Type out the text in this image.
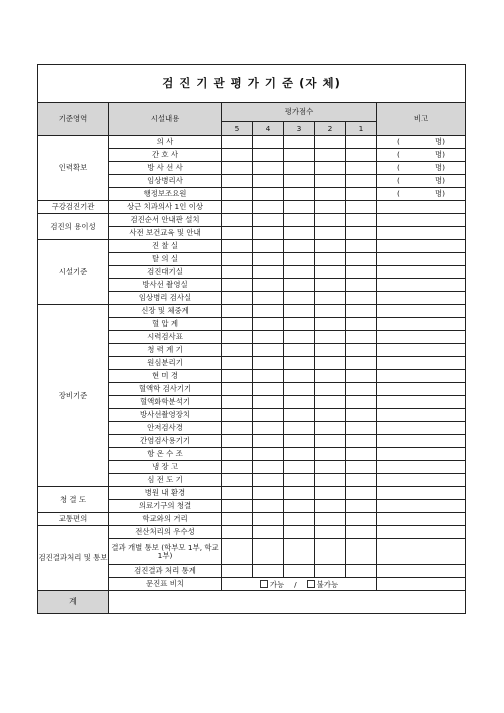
검 진 기 관 평 가 기 준 (자 체)							
기준영역	시설내용	평가점수					비고
		5	4	3	2	1	
인력확보	의 사						( 명)
	간 호 사						( 명)
	방 사 선 사						( 명)
	임상병리사						( 명)
	행정보조요원						( 명)
구강검진기관	상근 치과의사 1인 이상						
검진의 용이성	검진순서 안내판 설치						
	사전 보건교육 및 안내						
시설기준	진 찰 실						
	탈 의 실						
	검진대기실						
	방사선 촬영실						
	임상병리 검사실						
장비기준	신장 및 체중계						
	혈 압 계						
	시력검사표						
	청 력 계 기						
	원심분리기						
	현 미 경						
	혈액학 검사기기						
	혈액화학분석기						
	방사선촬영장치						
	안저검사경						
	간염검사용기기						
	항 온 수 조						
	냉 장 고						
	심 전 도 기						
청 결 도	병원 내 환경						
	의료기구의 청결						
교통편의	학교와의 거리						
검진결과처리 및 통보	전산처리의 우수성						
	결과 개별 통보 (학부모 1부, 학교 1부)						
	검진결과 처리 통계						
	문진표 비치	가능 / 불가능					
계							
